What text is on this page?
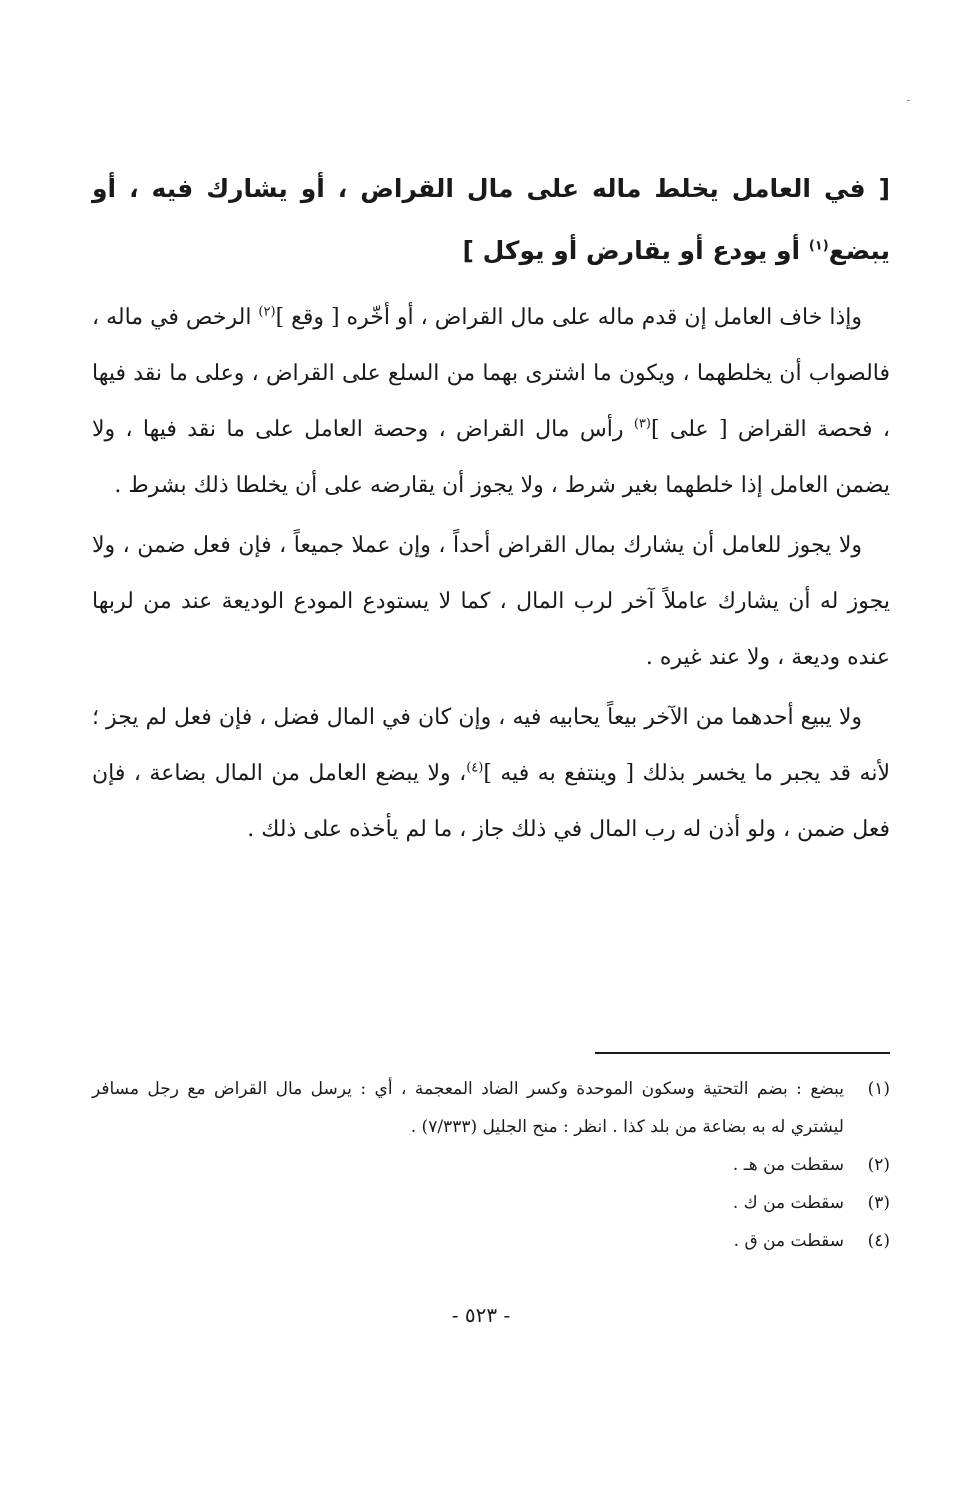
[ في العامل يخلط ماله على مال القراض ، أو يشارك فيه ، أو يبضع$^{(١)}$ أو يودع أو يقارض أو يوكل ]

وإذا خاف العامل إن قدم ماله على مال القراض ، أو أخّره [ وقع ]$^{(٢)}$ الرخص في ماله ، فالصواب أن يخلطهما ، ويكون ما اشترى بهما من السلع على القراض ، وعلى ما نقد فيها ، فحصة القراض [ على ]$^{(٣)}$ رأس مال القراض ، وحصة العامل على ما نقد فيها ، ولا يضمن العامل إذا خلطهما بغير شرط ، ولا يجوز أن يقارضه على أن يخلطا ذلك بشرط .

ولا يجوز للعامل أن يشارك بمال القراض أحداً ، وإن عملا جميعاً ، فإن فعل ضمن ، ولا يجوز له أن يشارك عاملاً آخر لرب المال ، كما لا يستودع المودع الوديعة عند من لربها عنده وديعة ، ولا عند غيره .

ولا يبيع أحدهما من الآخر بيعاً يحابيه فيه ، وإن كان في المال فضل ، فإن فعل لم يجز ؛ لأنه قد يجبر ما يخسر بذلك [ وينتفع به فيه ]$^{(٤)}$، ولا يبضع العامل من المال بضاعة ، فإن فعل ضمن ، ولو أذن له رب المال في ذلك جاز ، ما لم يأخذه على ذلك .

(١)
يبضع : بضم التحتية وسكون الموحدة وكسر الضاد المعجمة ، أي : يرسل مال القراض مع رجل مسافر ليشتري له به بضاعة من بلد كذا . انظر : منح الجليل (٧/٣٣٣) .
(٢)
سقطت من هـ .
(٣)
سقطت من ك .
(٤)
سقطت من ق .
- ٥٢٣ -
